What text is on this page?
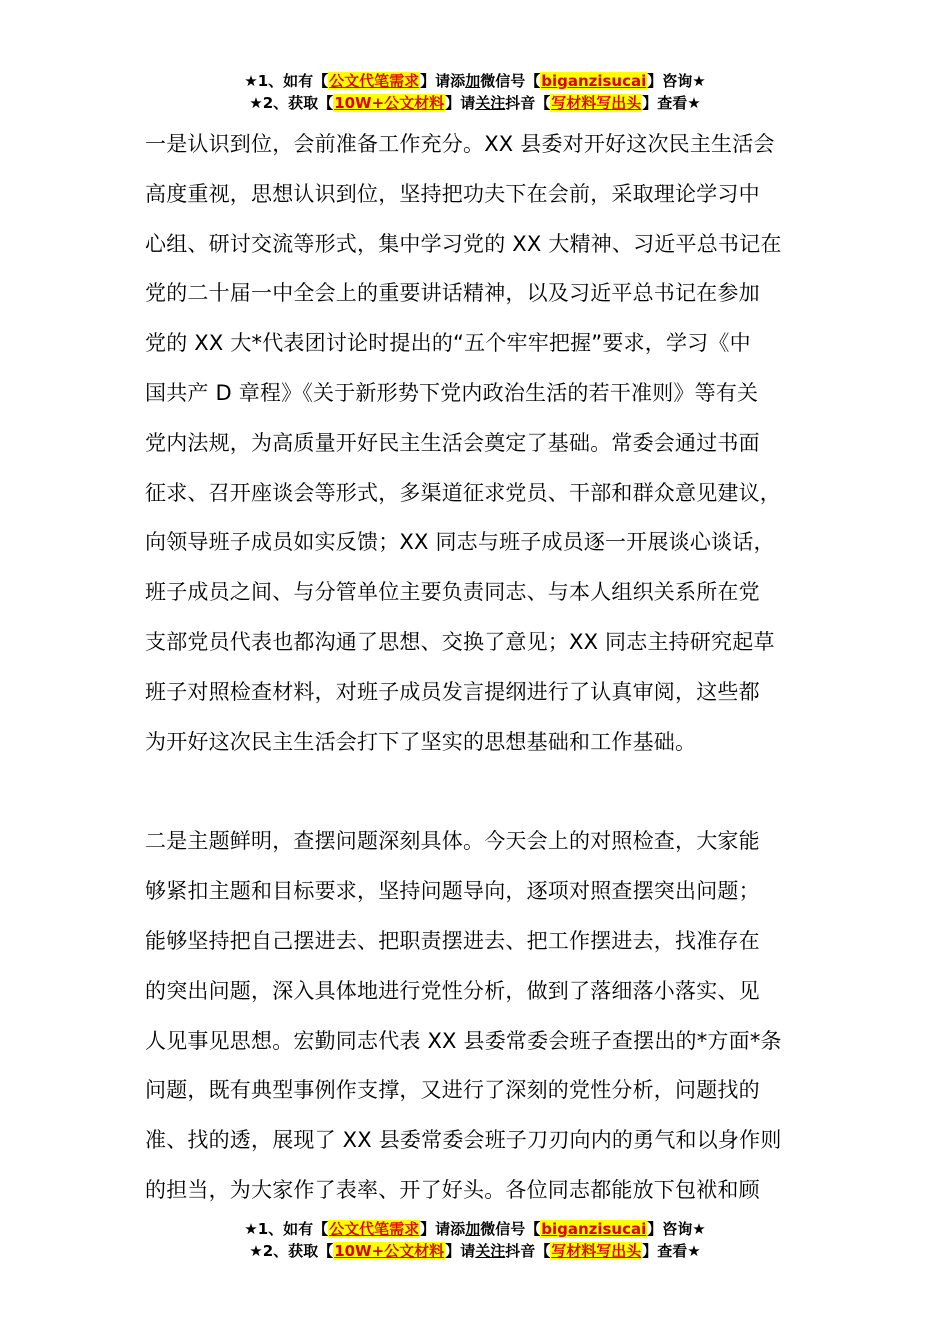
★1、如有【公文代笔需求】请添加微信号【biganzisucai】咨询★
★2、获取【10W+公文材料】请关注抖音【写材料写出头】查看★

一是认识到位，会前准备工作充分。XX 县委对开好这次民主生活会
高度重视，思想认识到位，坚持把功夫下在会前，采取理论学习中
心组、研讨交流等形式，集中学习党的 XX 大精神、习近平总书记在
党的二十届一中全会上的重要讲话精神，以及习近平总书记在参加
党的 XX 大*代表团讨论时提出的“五个牢牢把握”要求，学习《中
国共产 D 章程》《关于新形势下党内政治生活的若干准则》等有关
党内法规，为高质量开好民主生活会奠定了基础。常委会通过书面
征求、召开座谈会等形式，多渠道征求党员、干部和群众意见建议，
向领导班子成员如实反馈；XX 同志与班子成员逐一开展谈心谈话，
班子成员之间、与分管单位主要负责同志、与本人组织关系所在党
支部党员代表也都沟通了思想、交换了意见；XX 同志主持研究起草
班子对照检查材料，对班子成员发言提纲进行了认真审阅，这些都
为开好这次民主生活会打下了坚实的思想基础和工作基础。

二是主题鲜明，查摆问题深刻具体。今天会上的对照检查，大家能
够紧扣主题和目标要求，坚持问题导向，逐项对照查摆突出问题；
能够坚持把自己摆进去、把职责摆进去、把工作摆进去，找准存在
的突出问题，深入具体地进行党性分析，做到了落细落小落实、见
人见事见思想。宏勤同志代表 XX 县委常委会班子查摆出的*方面*条
问题，既有典型事例作支撑，又进行了深刻的党性分析，问题找的
准、找的透，展现了 XX 县委常委会班子刀刃向内的勇气和以身作则
的担当，为大家作了表率、开了好头。各位同志都能放下包袱和顾

★1、如有【公文代笔需求】请添加微信号【biganzisucai】咨询★
★2、获取【10W+公文材料】请关注抖音【写材料写出头】查看★
